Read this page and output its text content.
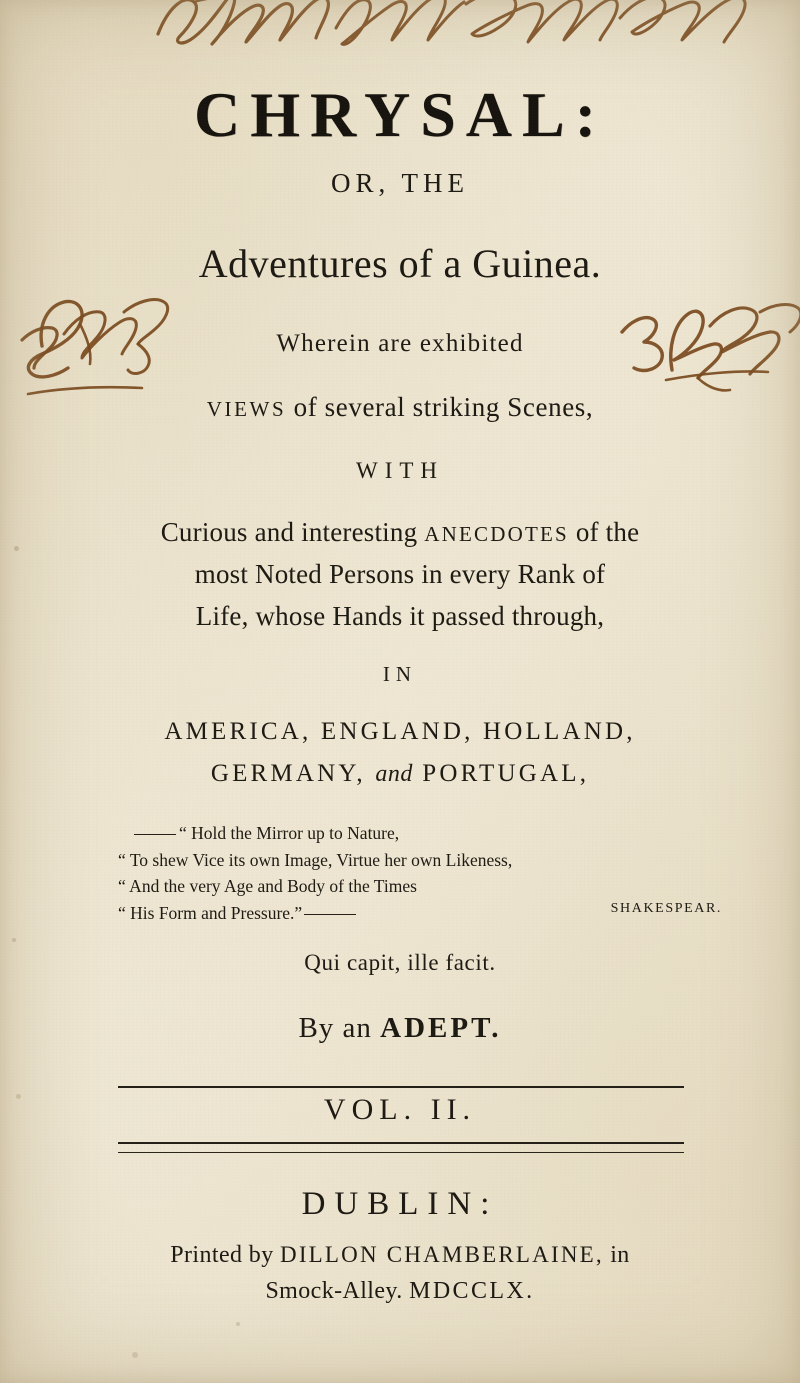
CHRYSAL:
OR, THE
Adventures of a Guinea.
Wherein are exhibited
VIEWS of several striking Scenes,
WITH
Curious and interesting ANECDOTES of the
most Noted Persons in every Rank of
Life, whose Hands it passed through,
IN
AMERICA, ENGLAND, HOLLAND,
GERMANY, and PORTUGAL,
“ Hold the Mirror up to Nature,
“ To shew Vice its own Image, Virtue her own Likeness,
“ And the very Age and Body of the Times
“ His Form and Pressure.”	SHAKESPEAR.
Qui capit, ille facit.
By an ADEPT.
VOL. II.
DUBLIN:
Printed by DILLON CHAMBERLAINE, in
Smock-Alley. MDCCLX.
